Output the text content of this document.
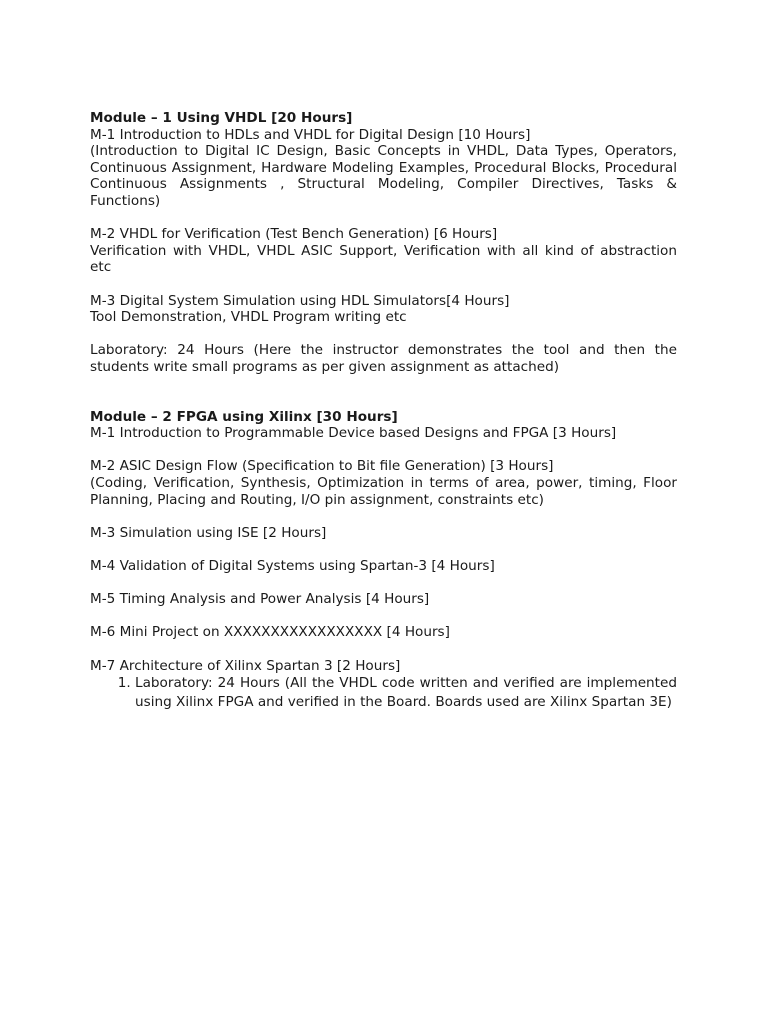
Module – 1 Using VHDL [20 Hours]

M-1 Introduction to HDLs and VHDL for Digital Design [10 Hours]

(Introduction to Digital IC Design, Basic Concepts in VHDL, Data Types, Operators, Continuous Assignment, Hardware Modeling Examples, Procedural Blocks, Procedural Continuous Assignments , Structural Modeling, Compiler Directives, Tasks & Functions)

M-2 VHDL for Verification (Test Bench Generation) [6 Hours]

Verification with VHDL, VHDL ASIC Support, Verification with all kind of abstraction etc

M-3 Digital System Simulation using HDL Simulators[4 Hours]

Tool Demonstration, VHDL Program writing etc

Laboratory: 24 Hours (Here the instructor demonstrates the tool and then the students write small programs as per given assignment as attached)

Module – 2 FPGA using Xilinx [30 Hours]

M-1 Introduction to Programmable Device based Designs and FPGA [3 Hours]

M-2 ASIC Design Flow (Specification to Bit file Generation) [3 Hours]

(Coding, Verification, Synthesis, Optimization in terms of area, power, timing, Floor Planning, Placing and Routing, I/O pin assignment, constraints etc)

M-3 Simulation using ISE [2 Hours]

M-4 Validation of Digital Systems using Spartan-3 [4 Hours]

M-5 Timing Analysis and Power Analysis [4 Hours]

M-6 Mini Project on XXXXXXXXXXXXXXXXX [4 Hours]

M-7 Architecture of Xilinx Spartan 3 [2 Hours]

1. Laboratory: 24 Hours (All the VHDL code written and verified are implemented using Xilinx FPGA and verified in the Board. Boards used are Xilinx Spartan 3E)
